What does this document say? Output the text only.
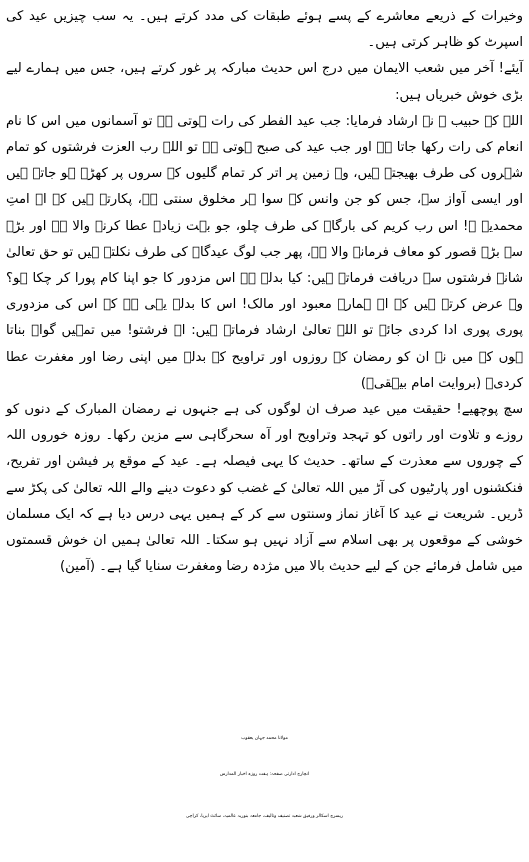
وخیرات کے ذریعے معاشرے کے پسے ہوئے طبقات کی مدد کرتے ہیں۔ یہ سب چیزیں عید کی اسپرٹ کو ظاہر کرتی ہیں۔

آیئے! آخر میں شعب الایمان میں درج اس حدیث مبارکہ پر غور کرتے ہیں، جس میں ہمارے لیے بڑی خوش خبریاں ہیں:

اللہ کے حبیب ﷺ نے ارشاد فرمایا: جب عید الفطر کی رات ہوتی ہے تو آسمانوں میں اس کا نام انعام کی رات رکھا جاتا ہے اور جب عید کی صبح ہوتی ہے تو اللہ رب العزت فرشتوں کو تمام شہروں کی طرف بھیجتے ہیں، وہ زمین پر اتر کر تمام گلیوں کے سروں پر کھڑے ہو جاتے ہیں اور ایسی آواز سے، جس کو جن وانس کے سوا ہر مخلوق سنتی ہے، پکارتے ہیں کہ اے امتِ محمدیہ ﷺ! اس رب کریم کی بارگاہ کی طرف چلو، جو بہت زیادہ عطا کرنے والا ہے اور بڑے سے بڑے قصور کو معاف فرمانے والا ہے، پھر جب لوگ عیدگاہ کی طرف نکلتے ہیں تو حق تعالیٰ شانہ فرشتوں سے دریافت فرماتے ہیں: کیا بدلہ ہے اس مزدور کا جو اپنا کام پورا کر چکا ہو؟ وہ عرض کرتے ہیں کہ اے ہمارے معبود اور مالک! اس کا بدلہ یہی ہے کہ اس کی مزدوری پوری پوری ادا کردی جائے تو اللہ تعالیٰ ارشاد فرماتے ہیں: اے فرشتو! میں تمہیں گواہ بناتا ہوں کہ میں نے ان کو رمضان کے روزوں اور تراویح کے بدلہ میں اپنی رضا اور مغفرت عطا کردی۔ (بروایت امام بیہقیؒ)

سچ پوچھیے! حقیقت میں عید صرف ان لوگوں کی ہے جنہوں نے رمضان المبارک کے دنوں کو روزے و تلاوت اور راتوں کو تہجد وتراویح اور آہ سحرگاہی سے مزین رکھا۔ روزہ خوروں اللہ کے چوروں سے معذرت کے ساتھ۔ حدیث کا یہی فیصلہ ہے۔ عید کے موقع پر فیشن اور تفریح، فنکشنوں اور پارٹیوں کی آڑ میں اللہ تعالیٰ کے غضب کو دعوت دینے والے اللہ تعالیٰ کی پکڑ سے ڈریں۔ شریعت نے عید کا آغاز نماز وسنتوں سے کر کے ہمیں یہی درس دیا ہے کہ ایک مسلمان خوشی کے موقعوں پر بھی اسلام سے آزاد نہیں ہو سکتا۔ اللہ تعالیٰ ہمیں ان خوش قسمتوں میں شامل فرمائے جن کے لیے حدیث بالا میں مژدہ رضا ومغفرت سنایا گیا ہے۔ (آمین)

مولانا محمد جہان یعقوب
انچارج ادارتی صفحہ: ہفت روزہ اخبار المدارس
ریسرچ اسکالر ورفیق شعبہ تصنیف وتالیف، جامعہ بنوریہ عالمیہ، سائٹ ایریا، کراچی
